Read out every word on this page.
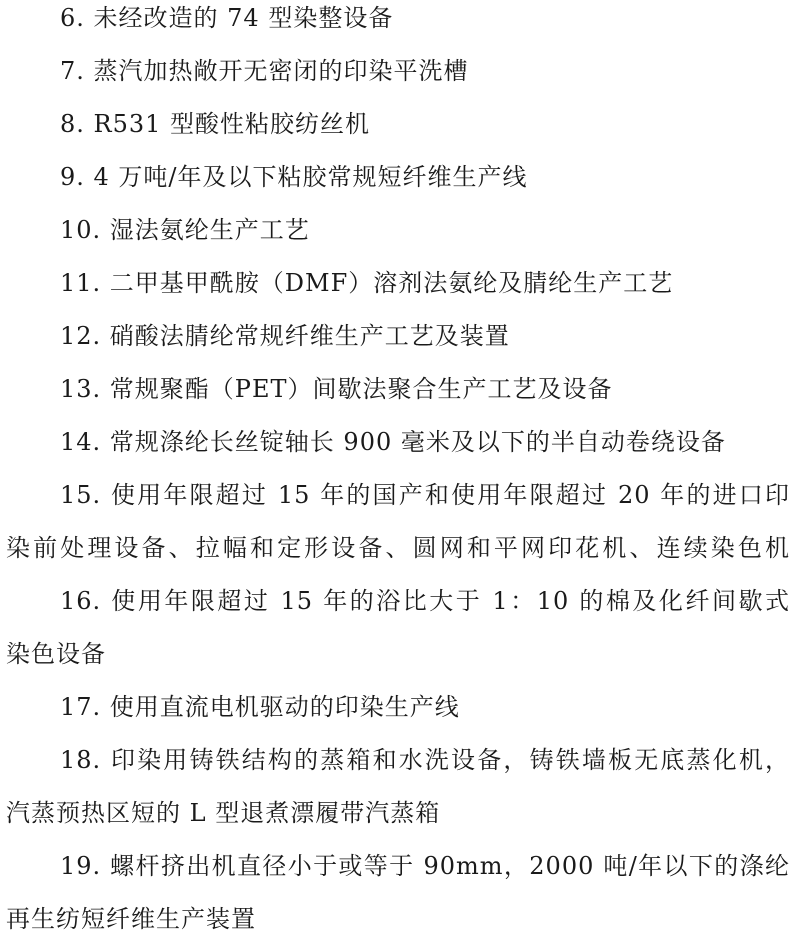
6. 未经改造的 74 型染整设备
7. 蒸汽加热敞开无密闭的印染平洗槽
8. R531 型酸性粘胶纺丝机
9. 4 万吨/年及以下粘胶常规短纤维生产线
10. 湿法氨纶生产工艺
11. 二甲基甲酰胺（DMF）溶剂法氨纶及腈纶生产工艺
12. 硝酸法腈纶常规纤维生产工艺及装置
13. 常规聚酯（PET）间歇法聚合生产工艺及设备
14. 常规涤纶长丝锭轴长 900 毫米及以下的半自动卷绕设备
15. 使用年限超过 15 年的国产和使用年限超过 20 年的进口印
染前处理设备、拉幅和定形设备、圆网和平网印花机、连续染色机
16. 使用年限超过 15 年的浴比大于 1：10 的棉及化纤间歇式
染色设备
17. 使用直流电机驱动的印染生产线
18. 印染用铸铁结构的蒸箱和水洗设备，铸铁墙板无底蒸化机，
汽蒸预热区短的 L 型退煮漂履带汽蒸箱
19. 螺杆挤出机直径小于或等于 90mm，2000 吨/年以下的涤纶
再生纺短纤维生产装置
